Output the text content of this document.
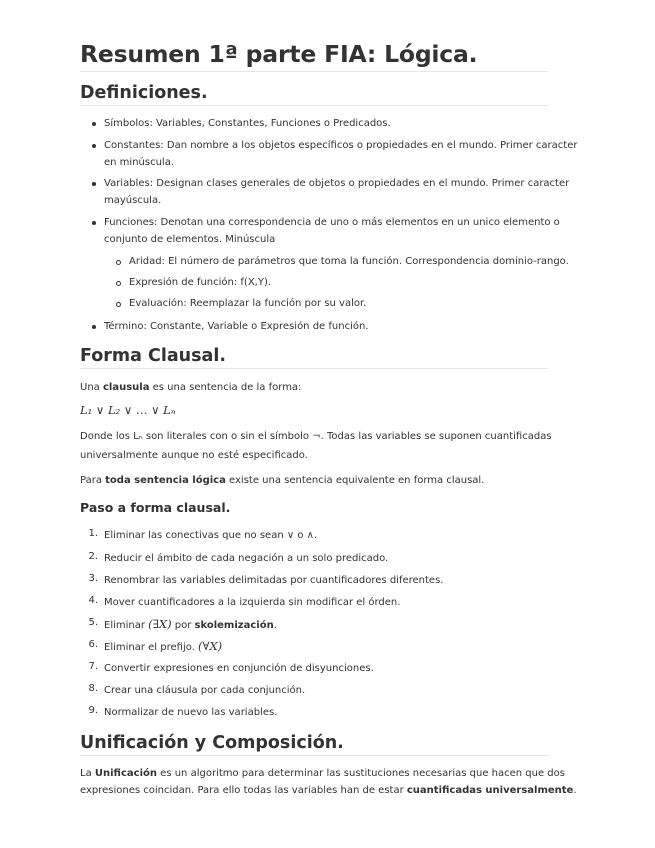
Resumen 1ª parte FIA: Lógica.
Definiciones.
Símbolos: Variables, Constantes, Funciones o Predicados.
Constantes: Dan nombre a los objetos específicos o propiedades en el mundo. Primer caracter
en minúscula.
Variables: Designan clases generales de objetos o propiedades en el mundo. Primer caracter
mayúscula.
Funciones: Denotan una correspondencia de uno o más elementos en un unico elemento o
conjunto de elementos. Minúscula
Aridad: El número de parámetros que toma la función. Correspondencia dominio-rango.
Expresión de función: f(X,Y).
Evaluación: Reemplazar la función por su valor.
Término: Constante, Variable o Expresión de función.
Forma Clausal.
Una clausula es una sentencia de la forma:
L₁ ∨ L₂ ∨ … ∨ Lₙ
Donde los Lₙ son literales con o sin el símbolo ¬. Todas las variables se suponen cuantificadas
universalmente aunque no esté especificado.
Para toda sentencia lógica existe una sentencia equivalente en forma clausal.
Paso a forma clausal.
1. Eliminar las conectivas que no sean ∨ o ∧.
2. Reducir el ámbito de cada negación a un solo predicado.
3. Renombrar las variables delimitadas por cuantificadores diferentes.
4. Mover cuantificadores a la izquierda sin modificar el órden.
5. Eliminar (∃X) por skolemización.
6. Eliminar el prefijo. (∀X)
7. Convertir expresiones en conjunción de disyunciones.
8. Crear una cláusula por cada conjunción.
9. Normalizar de nuevo las variables.
Unificación y Composición.
La Unificación es un algoritmo para determinar las sustituciones necesarias que hacen que dos
expresiones coincidan. Para ello todas las variables han de estar cuantificadas universalmente.
